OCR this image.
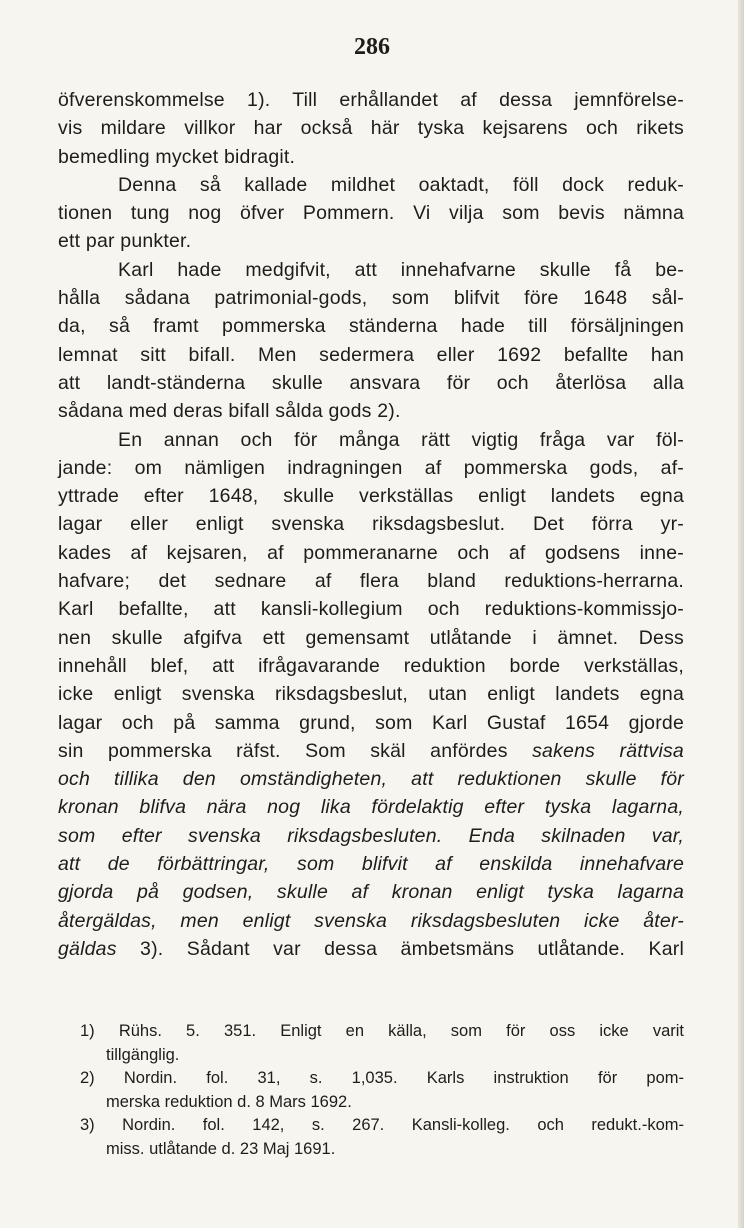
286
öfverenskommelse 1). Till erhållandet af dessa jemnförelse-
vis mildare villkor har också här tyska kejsarens och rikets
bemedling mycket bidragit.
Denna så kallade mildhet oaktadt, föll dock reduk-
tionen tung nog öfver Pommern. Vi vilja som bevis nämna
ett par punkter.
Karl hade medgifvit, att innehafvarne skulle få be-
hålla sådana patrimonial-gods, som blifvit före 1648 sål-
da, så framt pommerska ständerna hade till försäljningen
lemnat sitt bifall. Men sedermera eller 1692 befallte han
att landt-ständerna skulle ansvara för och återlösa alla
sådana med deras bifall sålda gods 2).
En annan och för många rätt vigtig fråga var föl-
jande: om nämligen indragningen af pommerska gods, af-
yttrade efter 1648, skulle verkställas enligt landets egna
lagar eller enligt svenska riksdagsbeslut. Det förra yr-
kades af kejsaren, af pommeranarne och af godsens inne-
hafvare; det sednare af flera bland reduktions-herrarna.
Karl befallte, att kansli-kollegium och reduktions-kommissjo-
nen skulle afgifva ett gemensamt utlåtande i ämnet. Dess
innehåll blef, att ifrågavarande reduktion borde verkställas,
icke enligt svenska riksdagsbeslut, utan enligt landets egna
lagar och på samma grund, som Karl Gustaf 1654 gjorde
sin pommerska räfst. Som skäl anfördes sakens rättvisa
och tillika den omständigheten, att reduktionen skulle för
kronan blifva nära nog lika fördelaktig efter tyska lagarna,
som efter svenska riksdagsbesluten. Enda skilnaden var,
att de förbättringar, som blifvit af enskilda innehafvare
gjorda på godsen, skulle af kronan enligt tyska lagarna
återgäldas, men enligt svenska riksdagsbesluten icke åter-
gäldas 3). Sådant var dessa ämbetsmäns utlåtande. Karl
1) Rühs. 5. 351. Enligt en källa, som för oss icke varit
tillgänglig.
2) Nordin. fol. 31, s. 1,035. Karls instruktion för pom-
merska reduktion d. 8 Mars 1692.
3) Nordin. fol. 142, s. 267. Kansli-kolleg. och redukt.-kom-
miss. utlåtande d. 23 Maj 1691.
